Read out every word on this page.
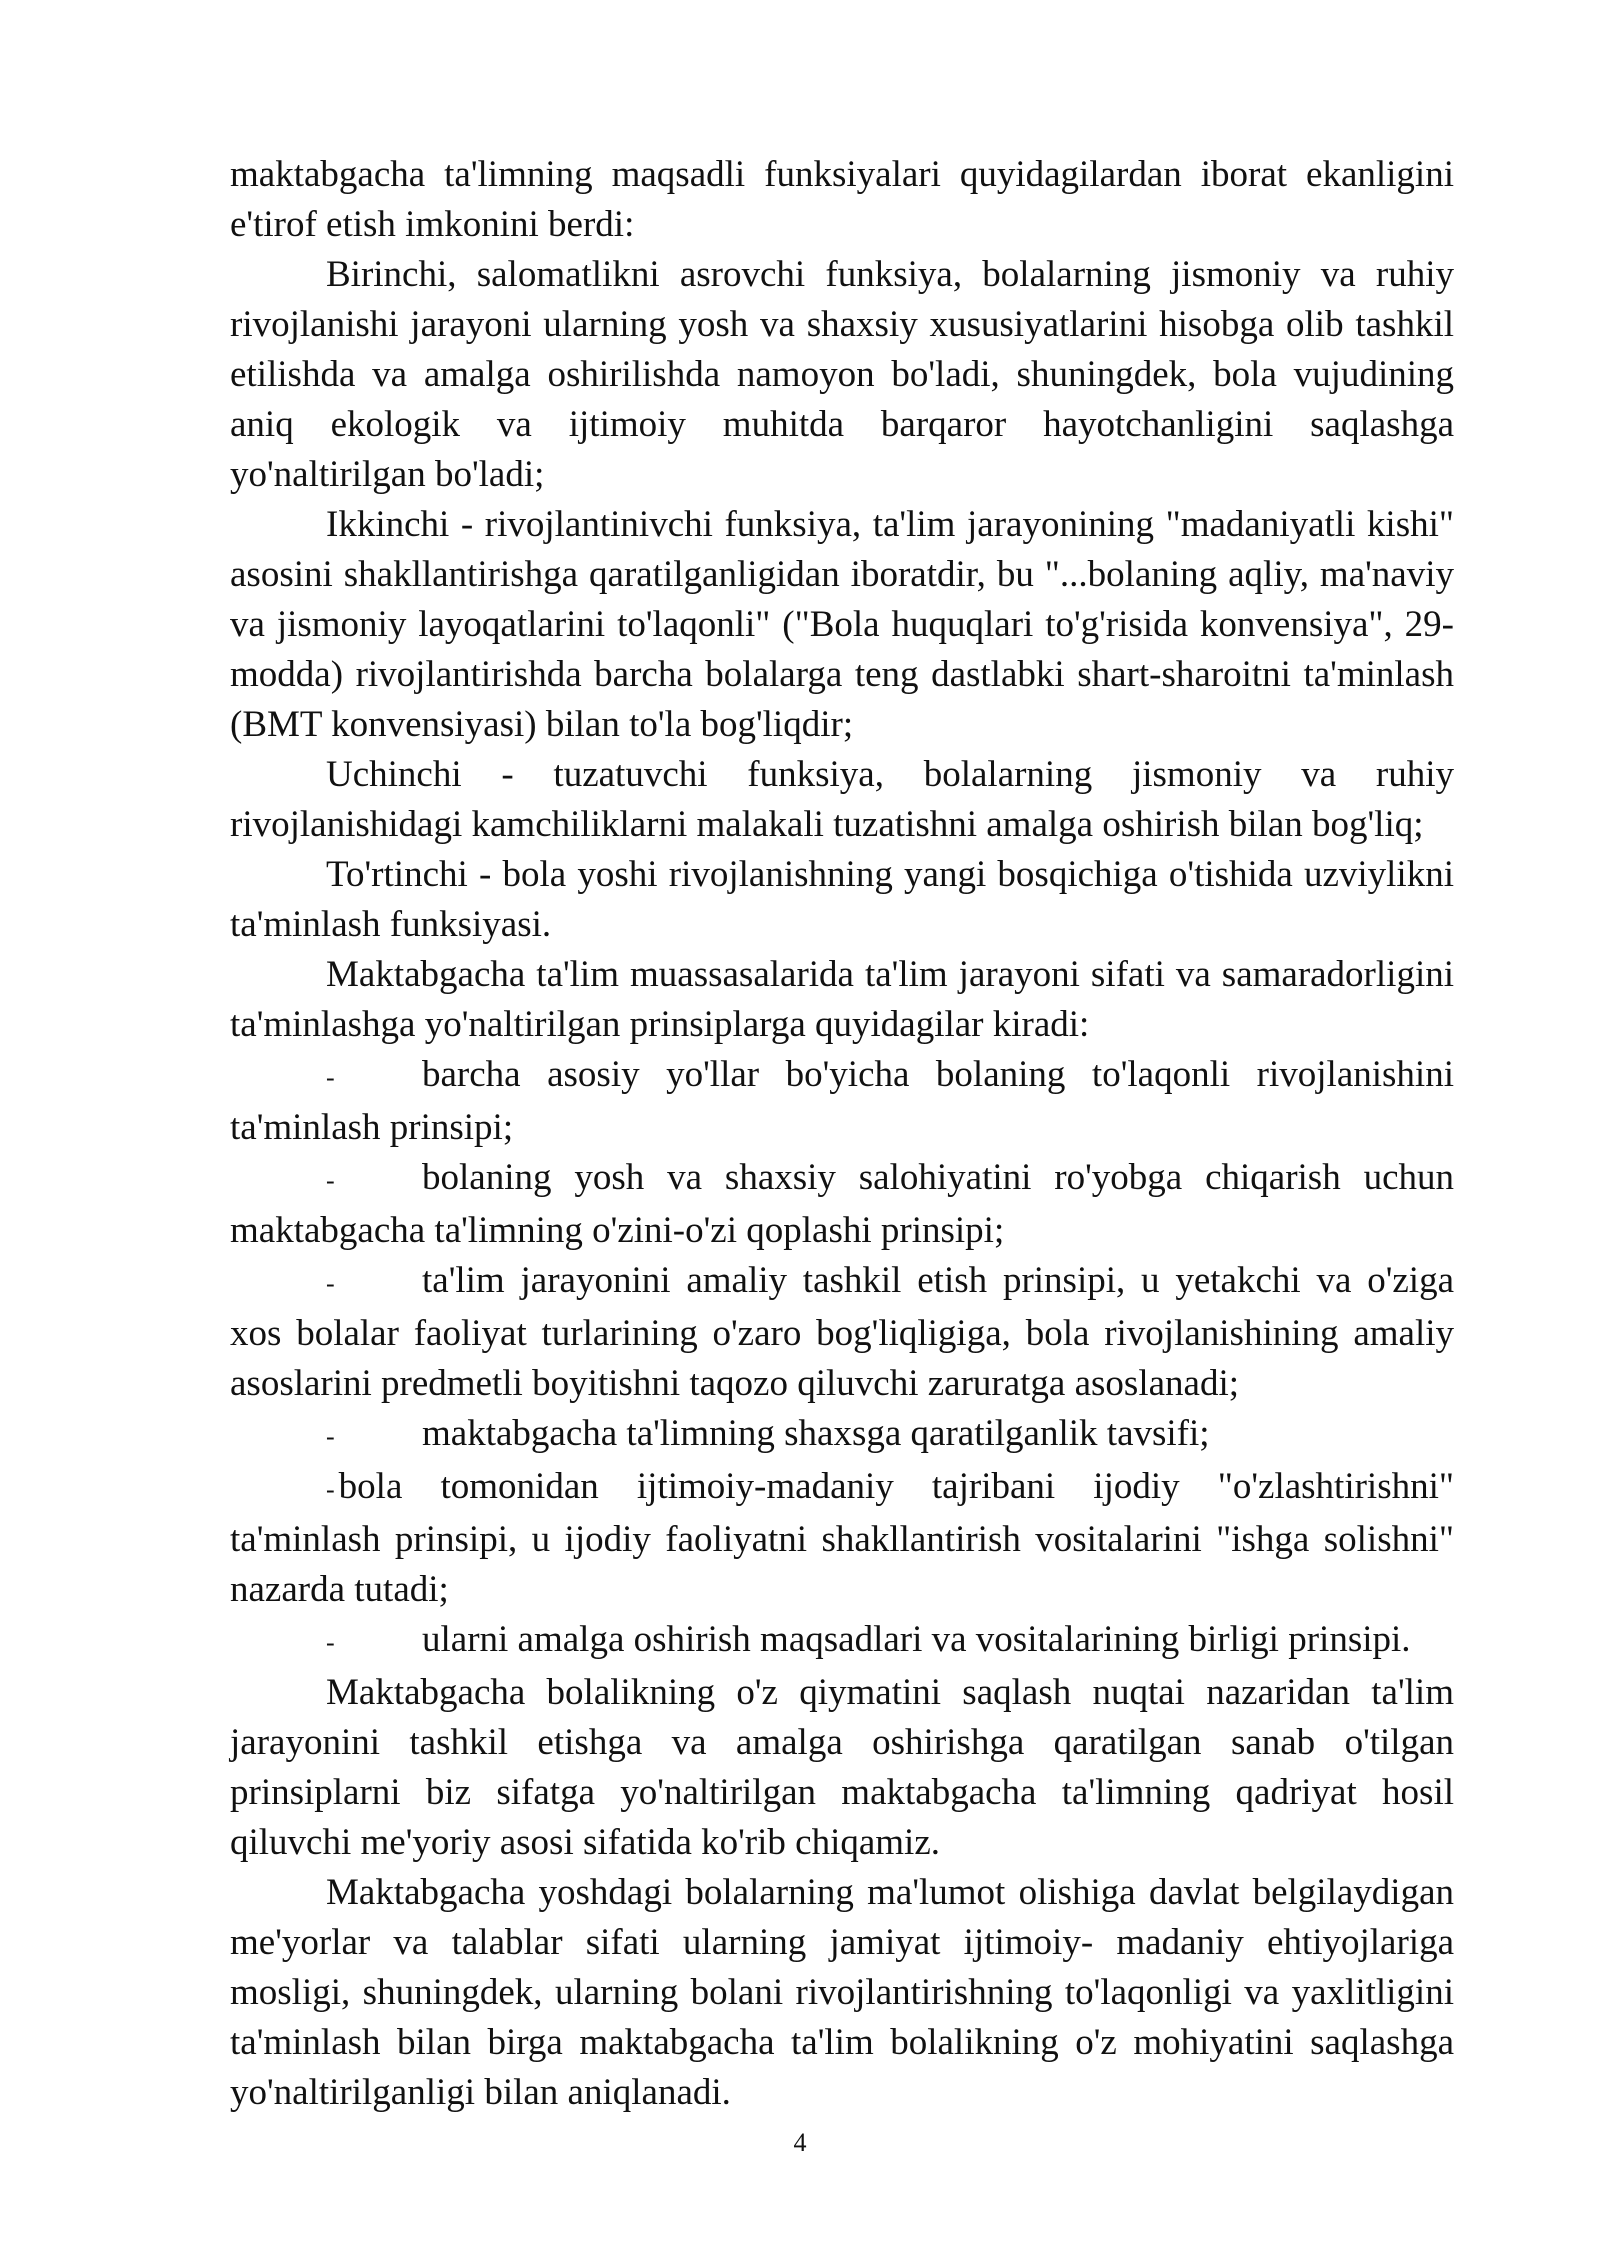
maktabgacha ta'limning maqsadli funksiyalari quyidagilardan iborat ekanligini e'tirof etish imkonini berdi:

Birinchi, salomatlikni asrovchi funksiya, bolalarning jismoniy va ruhiy rivojlanishi jarayoni ularning yosh va shaxsiy xususiyatlarini hisobga olib tashkil etilishda va amalga oshirilishda namoyon bo'ladi, shuningdek, bola vujudining aniq ekologik va ijtimoiy muhitda barqaror hayotchanligini saqlashga yo'naltirilgan bo'ladi;

Ikkinchi - rivojlantinivchi funksiya, ta'lim jarayonining "madaniyatli kishi" asosini shakllantirishga qaratilganligidan iboratdir, bu "...bolaning aqliy, ma'naviy va jismoniy layoqatlarini to'laqonli" ("Bola huquqlari to'g'risida konvensiya", 29-modda) rivojlantirishda barcha bolalarga teng dastlabki shart-sharoitni ta'minlash (BMT konvensiyasi) bilan to'la bog'liqdir;

Uchinchi - tuzatuvchi funksiya, bolalarning jismoniy va ruhiy rivojlanishidagi kamchiliklarni malakali tuzatishni amalga oshirish bilan bog'liq;

To'rtinchi - bola yoshi rivojlanishning yangi bosqichiga o'tishida uzviylikni ta'minlash funksiyasi.

Maktabgacha ta'lim muassasalarida ta'lim jarayoni sifati va samaradorligini ta'minlashga yo'naltirilgan prinsiplarga quyidagilar kiradi:

- barcha asosiy yo'llar bo'yicha bolaning to'laqonli rivojlanishini ta'minlash prinsipi;

- bolaning yosh va shaxsiy salohiyatini ro'yobga chiqarish uchun maktabgacha ta'limning o'zini-o'zi qoplashi prinsipi;

- ta'lim jarayonini amaliy tashkil etish prinsipi, u yetakchi va o'ziga xos bolalar faoliyat turlarining o'zaro bog'liqligiga, bola rivojlanishining amaliy asoslarini predmetli boyitishni taqozo qiluvchi zaruratga asoslanadi;

- maktabgacha ta'limning shaxsga qaratilganlik tavsifi;

- bola tomonidan ijtimoiy-madaniy tajribani ijodiy "o'zlashtirishni" ta'minlash prinsipi, u ijodiy faoliyatni shakllantirish vositalarini "ishga solishni" nazarda tutadi;

- ularni amalga oshirish maqsadlari va vositalarining birligi prinsipi.

Maktabgacha bolalikning o'z qiymatini saqlash nuqtai nazaridan ta'lim jarayonini tashkil etishga va amalga oshirishga qaratilgan sanab o'tilgan prinsiplarni biz sifatga yo'naltirilgan maktabgacha ta'limning qadriyat hosil qiluvchi me'yoriy asosi sifatida ko'rib chiqamiz.

Maktabgacha yoshdagi bolalarning ma'lumot olishiga davlat belgilaydigan me'yorlar va talablar sifati ularning jamiyat ijtimoiy- madaniy ehtiyojlariga mosligi, shuningdek, ularning bolani rivojlantirishning to'laqonligi va yaxlitligini ta'minlash bilan birga maktabgacha ta'lim bolalikning o'z mohiyatini saqlashga yo'naltirilganligi bilan aniqlanadi.

4
